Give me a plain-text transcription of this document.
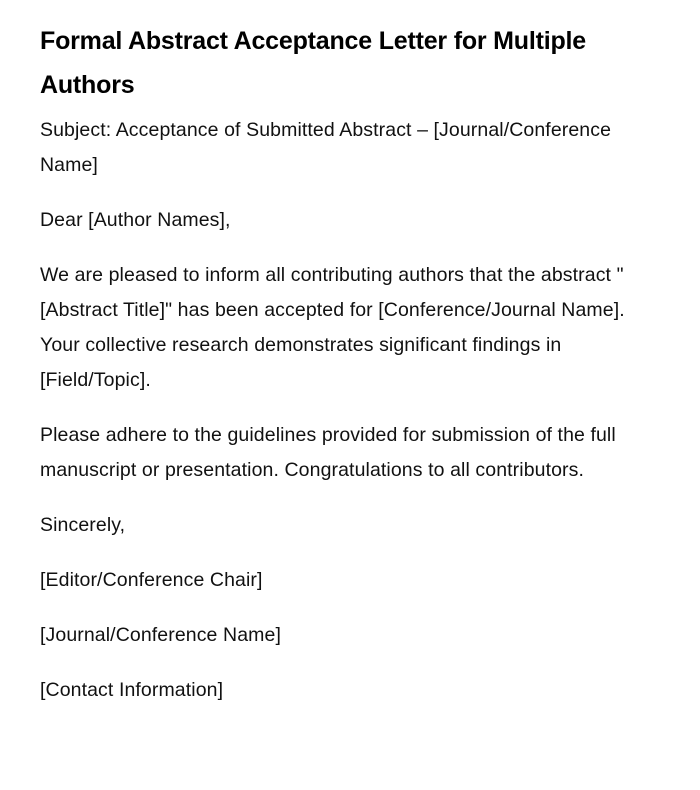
Formal Abstract Acceptance Letter for Multiple Authors

Subject: Acceptance of Submitted Abstract – [Journal/Conference Name]

Dear [Author Names],

We are pleased to inform all contributing authors that the abstract "[Abstract Title]" has been accepted for [Conference/Journal Name]. Your collective research demonstrates significant findings in [Field/Topic].

Please adhere to the guidelines provided for submission of the full manuscript or presentation. Congratulations to all contributors.

Sincerely,

[Editor/Conference Chair]

[Journal/Conference Name]

[Contact Information]
